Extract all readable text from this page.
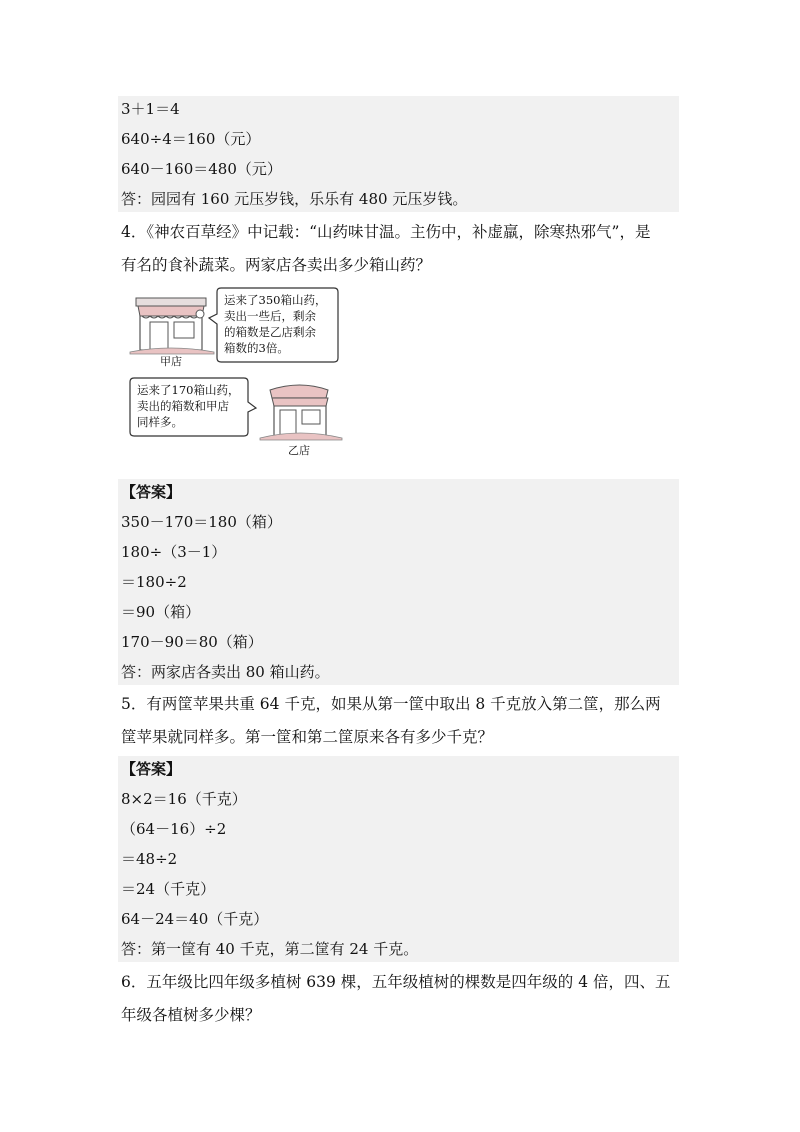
3＋1＝4
640÷4＝160（元）
640－160＝480（元）
答：园园有 160 元压岁钱，乐乐有 480 元压岁钱。
4．《神农百草经》中记载：“山药味甘温。主伤中，补虚羸，除寒热邪气”，是
有名的食补蔬菜。两家店各卖出多少箱山药？
甲店
运来了350箱山药，
卖出一些后，剩余
的箱数是乙店剩余
箱数的3倍。
运来了170箱山药，
卖出的箱数和甲店
同样多。
乙店
【答案】
350－170＝180（箱）
180÷（3－1）
＝180÷2
＝90（箱）
170－90＝80（箱）
答：两家店各卖出 80 箱山药。
5．有两筐苹果共重 64 千克，如果从第一筐中取出 8 千克放入第二筐，那么两
筐苹果就同样多。第一筐和第二筐原来各有多少千克？
【答案】
8×2＝16（千克）
（64－16）÷2
＝48÷2
＝24（千克）
64－24＝40（千克）
答：第一筐有 40 千克，第二筐有 24 千克。
6．五年级比四年级多植树 639 棵，五年级植树的棵数是四年级的 4 倍，四、五
年级各植树多少棵？
